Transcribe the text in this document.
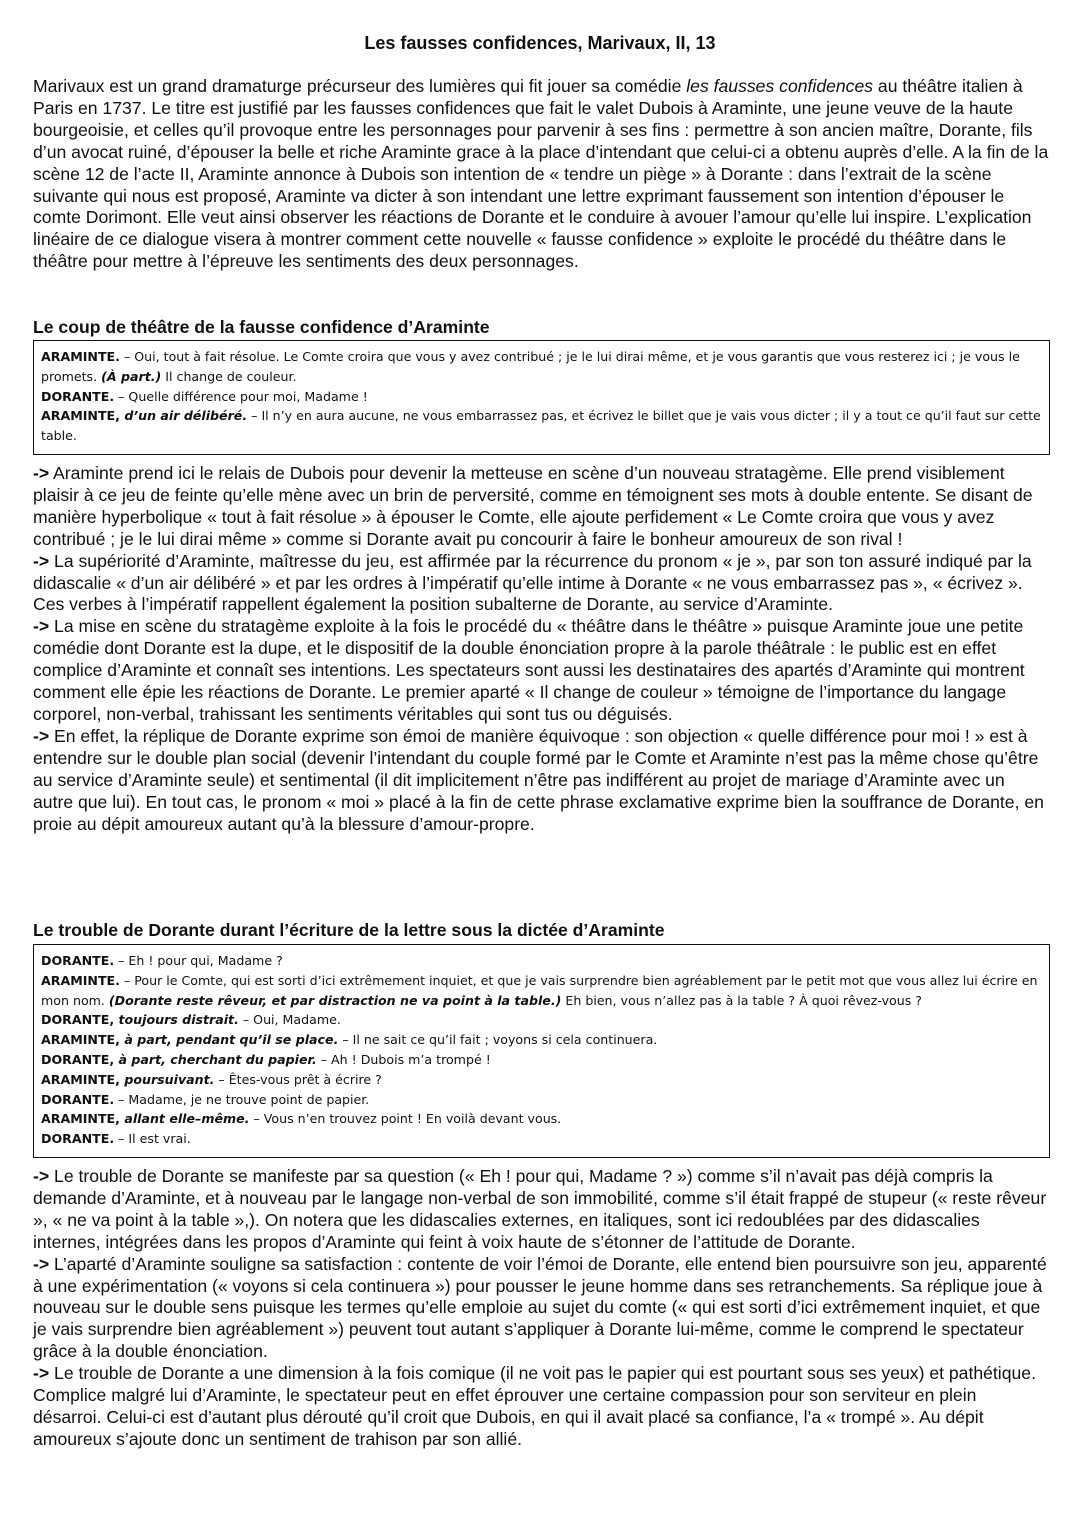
Les fausses confidences, Marivaux, II, 13

Marivaux est un grand dramaturge précurseur des lumières qui fit jouer sa comédie les fausses confidences au théâtre italien à Paris en 1737. Le titre est justifié par les fausses confidences que fait le valet Dubois à Araminte, une jeune veuve de la haute bourgeoisie, et celles qu’il provoque entre les personnages pour parvenir à ses fins : permettre à son ancien maître, Dorante, fils d’un avocat ruiné, d’épouser la belle et riche Araminte grace à la place d’intendant que celui-ci a obtenu auprès d’elle. A la fin de la scène 12 de l’acte II, Araminte annonce à Dubois son intention de « tendre un piège » à Dorante : dans l’extrait de la scène suivante qui nous est proposé, Araminte va dicter à son intendant une lettre exprimant faussement son intention d’épouser le comte Dorimont. Elle veut ainsi observer les réactions de Dorante et le conduire à avouer l’amour qu’elle lui inspire. L’explication linéaire de ce dialogue visera à montrer comment cette nouvelle « fausse confidence » exploite le procédé du théâtre dans le théâtre pour mettre à l’épreuve les sentiments des deux personnages.

Le coup de théâtre de la fausse confidence d’Araminte
ARAMINTE. – Oui, tout à fait résolue. Le Comte croira que vous y avez contribué ; je le lui dirai même, et je vous garantis que vous resterez ici ; je vous le promets. (À part.) Il change de couleur.
DORANTE. – Quelle différence pour moi, Madame !
ARAMINTE, d’un air délibéré. – Il n’y en aura aucune, ne vous embarrassez pas, et écrivez le billet que je vais vous dicter ; il y a tout ce qu’il faut sur cette table.

-> Araminte prend ici le relais de Dubois pour devenir la metteuse en scène d’un nouveau stratagème. Elle prend visiblement plaisir à ce jeu de feinte qu’elle mène avec un brin de perversité, comme en témoignent ses mots à double entente. Se disant de manière hyperbolique « tout à fait résolue » à épouser le Comte, elle ajoute perfidement « Le Comte croira que vous y avez contribué ; je le lui dirai même » comme si Dorante avait pu concourir à faire le bonheur amoureux de son rival !

-> La supériorité d’Araminte, maîtresse du jeu, est affirmée par la récurrence du pronom « je », par son ton assuré indiqué par la didascalie « d’un air délibéré » et par les ordres à l’impératif qu’elle intime à Dorante « ne vous embarrassez pas », « écrivez ». Ces verbes à l’impératif rappellent également la position subalterne de Dorante, au service d’Araminte.

-> La mise en scène du stratagème exploite à la fois le procédé du « théâtre dans le théâtre » puisque Araminte joue une petite comédie dont Dorante est la dupe, et le dispositif de la double énonciation propre à la parole théâtrale : le public est en effet complice d’Araminte et connaît ses intentions. Les spectateurs sont aussi les destinataires des apartés d’Araminte qui montrent comment elle épie les réactions de Dorante. Le premier aparté « Il change de couleur » témoigne de l’importance du langage corporel, non-verbal, trahissant les sentiments véritables qui sont tus ou déguisés.

-> En effet, la réplique de Dorante exprime son émoi de manière équivoque : son objection « quelle différence pour moi ! » est à entendre sur le double plan social (devenir l’intendant du couple formé par le Comte et Araminte n’est pas la même chose qu’être au service d’Araminte seule) et sentimental (il dit implicitement n’être pas indifférent au projet de mariage d’Araminte avec un autre que lui). En tout cas, le pronom « moi » placé à la fin de cette phrase exclamative exprime bien la souffrance de Dorante, en proie au dépit amoureux autant qu’à la blessure d’amour-propre.

Le trouble de Dorante durant l’écriture de la lettre sous la dictée d’Araminte
DORANTE. – Eh ! pour qui, Madame ?
ARAMINTE. – Pour le Comte, qui est sorti d’ici extrêmement inquiet, et que je vais surprendre bien agréablement par le petit mot que vous allez lui écrire en mon nom. (Dorante reste rêveur, et par distraction ne va point à la table.) Eh bien, vous n’allez pas à la table ? À quoi rêvez-vous ?
DORANTE, toujours distrait. – Oui, Madame.
ARAMINTE, à part, pendant qu’il se place. – Il ne sait ce qu’il fait ; voyons si cela continuera.
DORANTE, à part, cherchant du papier. – Ah ! Dubois m’a trompé !
ARAMINTE, poursuivant. – Êtes-vous prêt à écrire ?
DORANTE. – Madame, je ne trouve point de papier.
ARAMINTE, allant elle–même. – Vous n’en trouvez point ! En voilà devant vous.
DORANTE. – Il est vrai.

-> Le trouble de Dorante se manifeste par sa question (« Eh ! pour qui, Madame ? ») comme s’il n’avait pas déjà compris la demande d’Araminte, et à nouveau par le langage non-verbal de son immobilité, comme s’il était frappé de stupeur (« reste rêveur », « ne va point à la table »,). On notera que les didascalies externes, en italiques, sont ici redoublées par des didascalies internes, intégrées dans les propos d’Araminte qui feint à voix haute de s’étonner de l’attitude de Dorante.

-> L’aparté d’Araminte souligne sa satisfaction : contente de voir l’émoi de Dorante, elle entend bien poursuivre son jeu, apparenté à une expérimentation (« voyons si cela continuera ») pour pousser le jeune homme dans ses retranchements. Sa réplique joue à nouveau sur le double sens puisque les termes qu’elle emploie au sujet du comte (« qui est sorti d’ici extrêmement inquiet, et que je vais surprendre bien agréablement ») peuvent tout autant s’appliquer à Dorante lui-même, comme le comprend le spectateur grâce à la double énonciation.

-> Le trouble de Dorante a une dimension à la fois comique (il ne voit pas le papier qui est pourtant sous ses yeux) et pathétique. Complice malgré lui d’Araminte, le spectateur peut en effet éprouver une certaine compassion pour son serviteur en plein désarroi. Celui-ci est d’autant plus dérouté qu’il croit que Dubois, en qui il avait placé sa confiance, l’a « trompé ». Au dépit amoureux s’ajoute donc un sentiment de trahison par son allié.
